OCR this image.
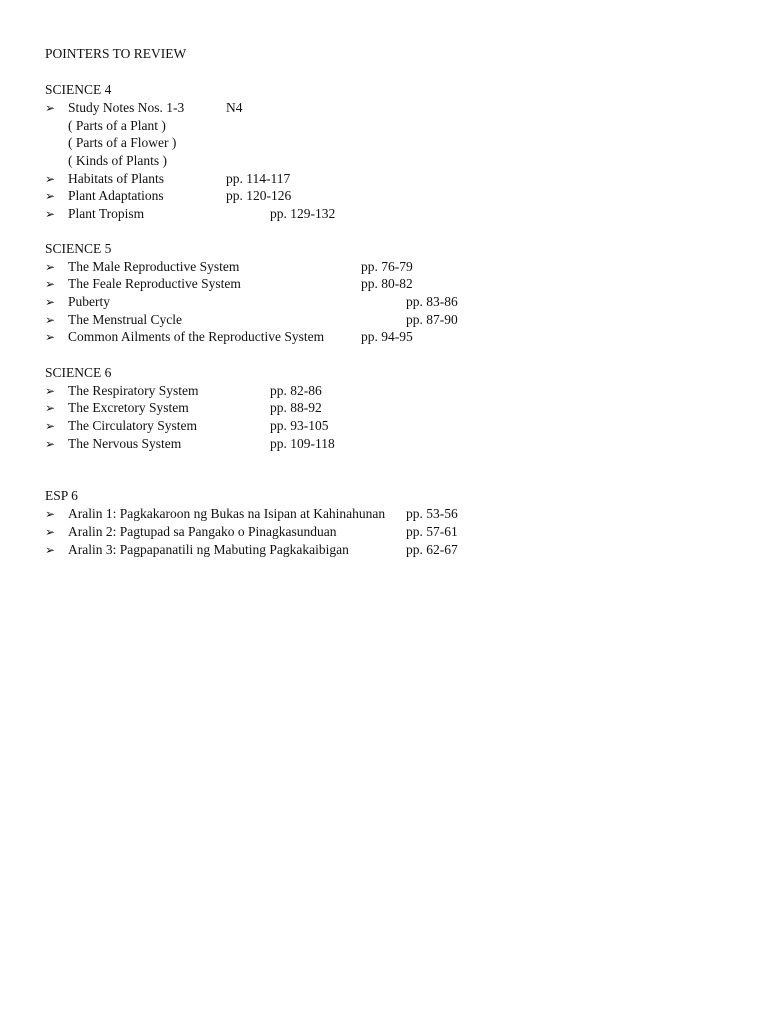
POINTERS TO REVIEW
SCIENCE 4
➢ Study Notes Nos. 1-3	N4
( Parts of a Plant )
( Parts of a Flower )
( Kinds of Plants )
➢ Habitats of Plants	pp. 114-117
➢ Plant Adaptations	pp. 120-126
➢ Plant Tropism	pp. 129-132
SCIENCE 5
➢ The Male Reproductive System	pp. 76-79
➢ The Feale Reproductive System	pp. 80-82
➢ Puberty	pp. 83-86
➢ The Menstrual Cycle	pp. 87-90
➢ Common Ailments of the Reproductive System	pp. 94-95
SCIENCE 6
➢ The Respiratory System	pp. 82-86
➢ The Excretory System	pp. 88-92
➢ The Circulatory System	pp. 93-105
➢ The Nervous System	pp. 109-118
ESP 6
➢ Aralin 1: Pagkakaroon ng Bukas na Isipan at Kahinahunan pp. 53-56
➢ Aralin 2: Pagtupad sa Pangako o Pinagkasunduan	pp. 57-61
➢ Aralin 3: Pagpapanatili ng Mabuting Pagkakaibigan	pp. 62-67
